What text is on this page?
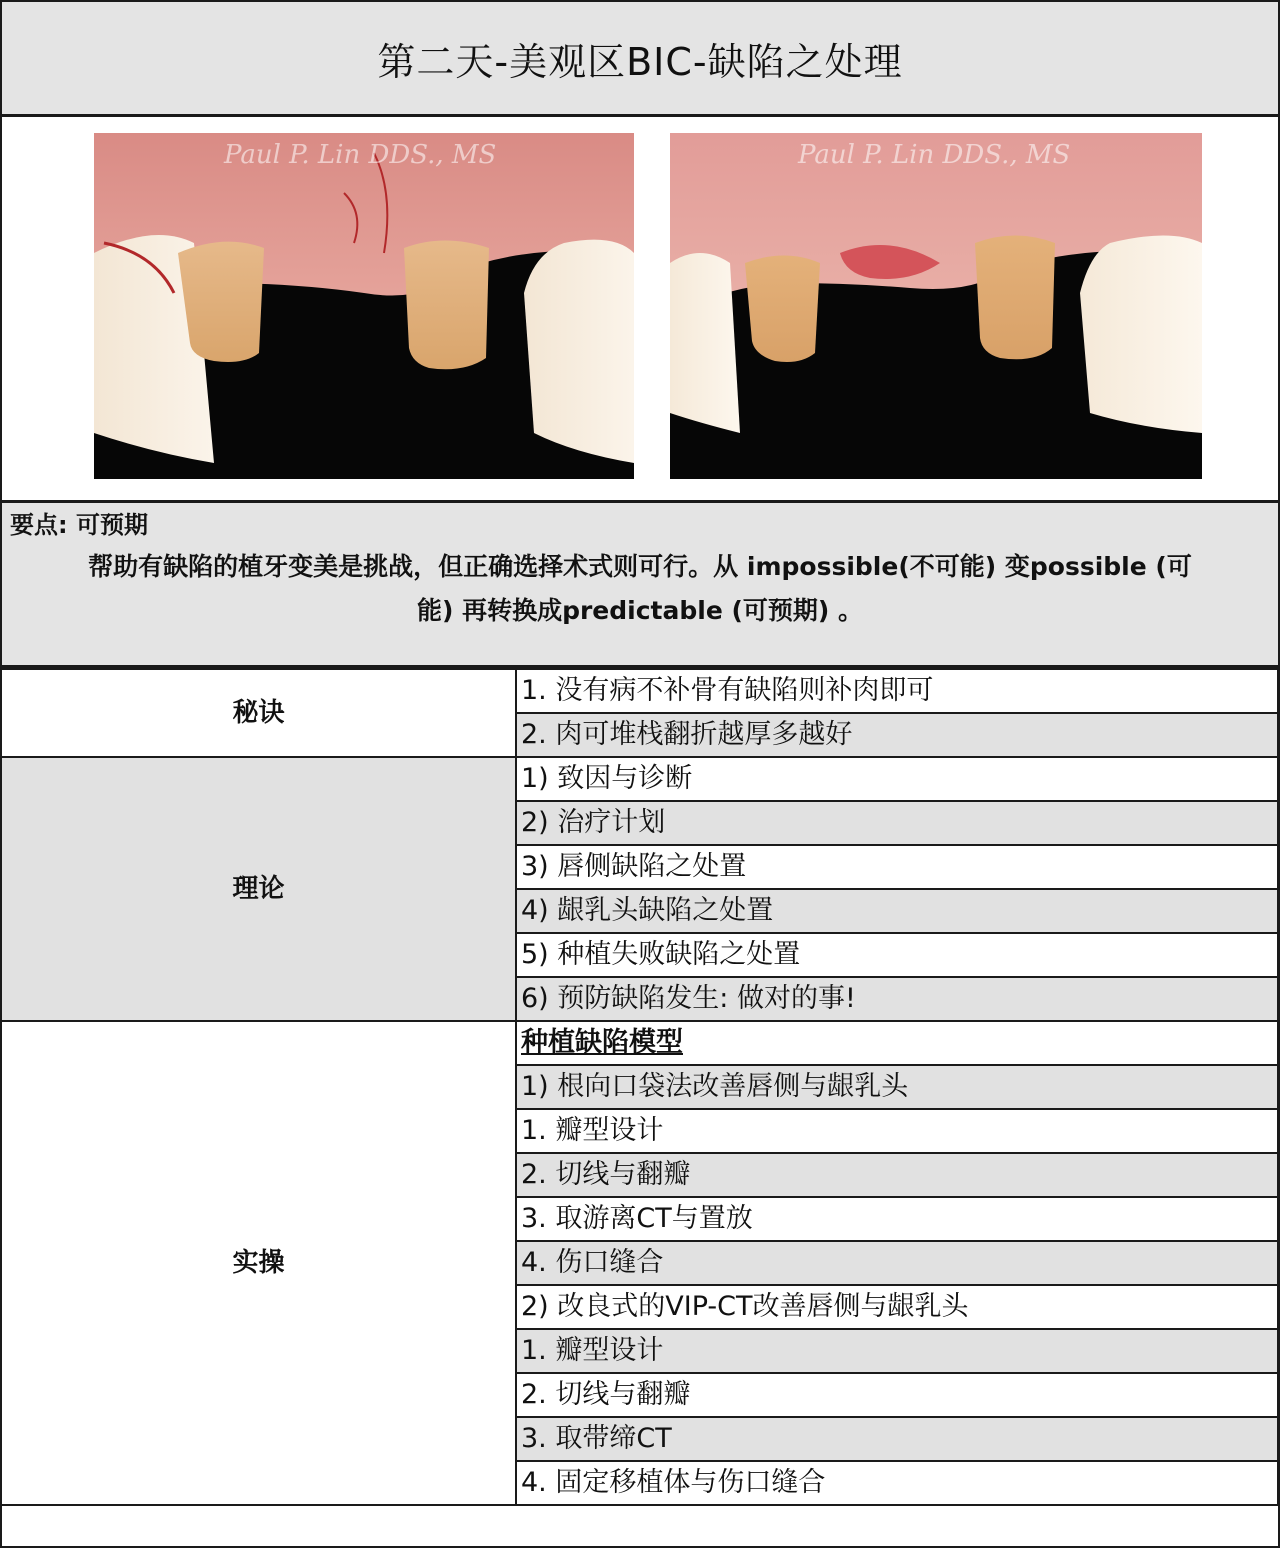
第二天-美观区BIC-缺陷之处理
Paul P. Lin DDS., MS	Paul P. Lin DDS., MS
要点: 可预期
帮助有缺陷的植牙变美是挑战，但正确选择术式则可行。从 impossible(不可能) 变possible (可
能) 再转换成predictable (可预期) 。
秘诀	1. 没有病不补骨有缺陷则补肉即可
	2. 肉可堆栈翻折越厚多越好
理论	1) 致因与诊断
	2) 治疗计划
	3) 唇侧缺陷之处置
	4) 龈乳头缺陷之处置
	5) 种植失败缺陷之处置
	6) 预防缺陷发生: 做对的事!
实操	种植缺陷模型
	1) 根向口袋法改善唇侧与龈乳头
	1. 瓣型设计
	2. 切线与翻瓣
	3. 取游离CT与置放
	4. 伤口缝合
	2) 改良式的VIP-CT改善唇侧与龈乳头
	1. 瓣型设计
	2. 切线与翻瓣
	3. 取带缔CT
	4. 固定移植体与伤口缝合
